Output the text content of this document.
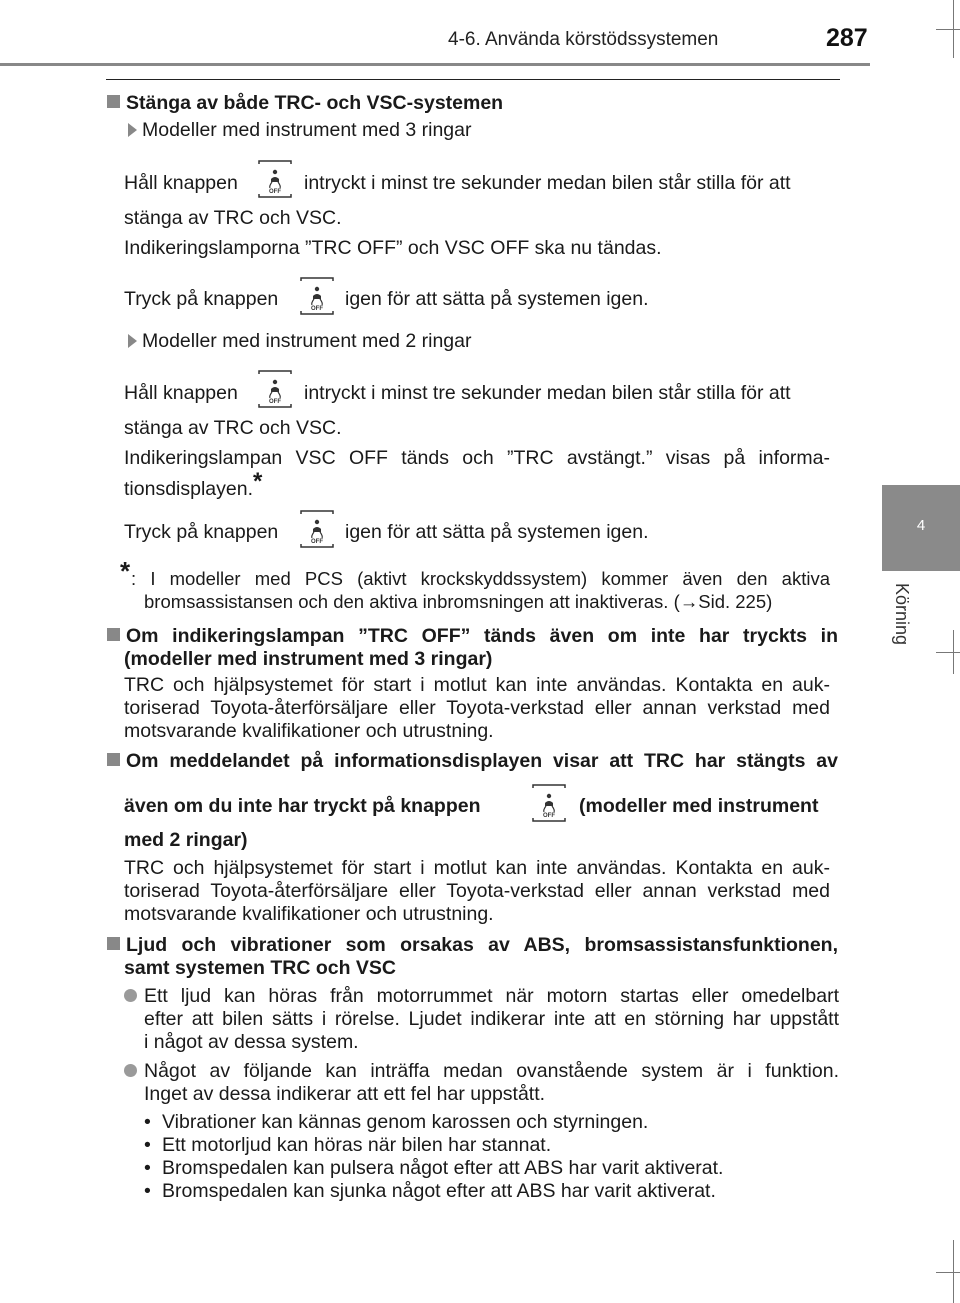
4-6. Använda körstödssystemen	287
4
Körning
Stänga av både TRC- och VSC-systemen
Modeller med instrument med 3 ringar
Håll knappen	intryckt i minst tre sekunder medan bilen står stilla för att
OFF
stänga av TRC och VSC.
Indikeringslamporna ”TRC OFF” och VSC OFF ska nu tändas.
Tryck på knappen	OFF igen för att sätta på systemen igen.
Modeller med instrument med 2 ringar
Håll knappen	OFF intryckt i minst tre sekunder medan bilen står stilla för att
stänga av TRC och VSC.
Indikeringslampan VSC OFF tänds och ”TRC avstängt.” visas på informa-
tionsdisplayen.*
Tryck på knappen	OFF igen för att sätta på systemen igen.
* : I modeller med PCS (aktivt krockskyddssystem) kommer även den aktiva
bromsassistansen och den aktiva inbromsningen att inaktiveras. (→Sid. 225)
Om indikeringslampan ”TRC OFF” tänds även om inte har tryckts in
(modeller med instrument med 3 ringar)
TRC och hjälpsystemet för start i motlut kan inte användas. Kontakta en auk-
toriserad Toyota-återförsäljare eller Toyota-verkstad eller annan verkstad med
motsvarande kvalifikationer och utrustning.
Om meddelandet på informationsdisplayen visar att TRC har stängts av
även om du inte har tryckt på knappen	OFF (modeller med instrument
med 2 ringar)
TRC och hjälpsystemet för start i motlut kan inte användas. Kontakta en auk-
toriserad Toyota-återförsäljare eller Toyota-verkstad eller annan verkstad med
motsvarande kvalifikationer och utrustning.
Ljud och vibrationer som orsakas av ABS, bromsassistansfunktionen,
samt systemen TRC och VSC
Ett ljud kan höras från motorrummet när motorn startas eller omedelbart
efter att bilen sätts i rörelse. Ljudet indikerar inte att en störning har uppstått
i något av dessa system.
Något av följande kan inträffa medan ovanstående system är i funktion.
Inget av dessa indikerar att ett fel har uppstått.
• Vibrationer kan kännas genom karossen och styrningen.
• Ett motorljud kan höras när bilen har stannat.
• Bromspedalen kan pulsera något efter att ABS har varit aktiverat.
• Bromspedalen kan sjunka något efter att ABS har varit aktiverat.
